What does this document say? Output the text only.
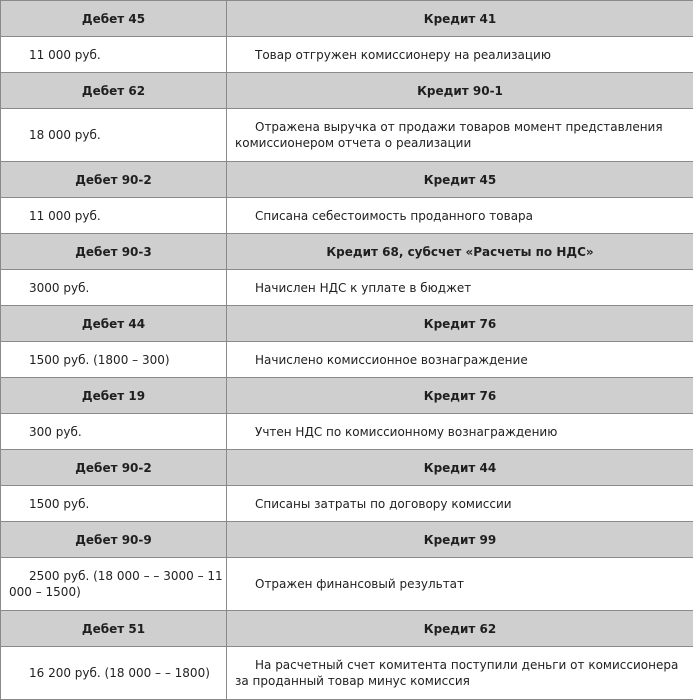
Дебет 45	Кредит 41

11 000 руб.	Товар отгружен комиссионеру на реализацию

Дебет 62	Кредит 90-1

18 000 руб.	Отражена выручка от продажи товаров момент представления комиссионером отчета о реализации

Дебет 90-2	Кредит 45

11 000 руб.	Списана себестоимость проданного товара

Дебет 90-3	Кредит 68, субсчет «Расчеты по НДС»

3000 руб.	Начислен НДС к уплате в бюджет

Дебет 44	Кредит 76

1500 руб. (1800 – 300)	Начислено комиссионное вознаграждение

Дебет 19	Кредит 76

300 руб.	Учтен НДС по комиссионному вознаграждению

Дебет 90-2	Кредит 44

1500 руб.	Списаны затраты по договору комиссии

Дебет 90-9	Кредит 99

2500 руб. (18 000 – – 3000 – 11 000 – 1500)	Отражен финансовый результат

Дебет 51	Кредит 62

16 200 руб. (18 000 – – 1800)	На расчетный счет комитента поступили деньги от комиссионера за проданный товар минус комиссия
